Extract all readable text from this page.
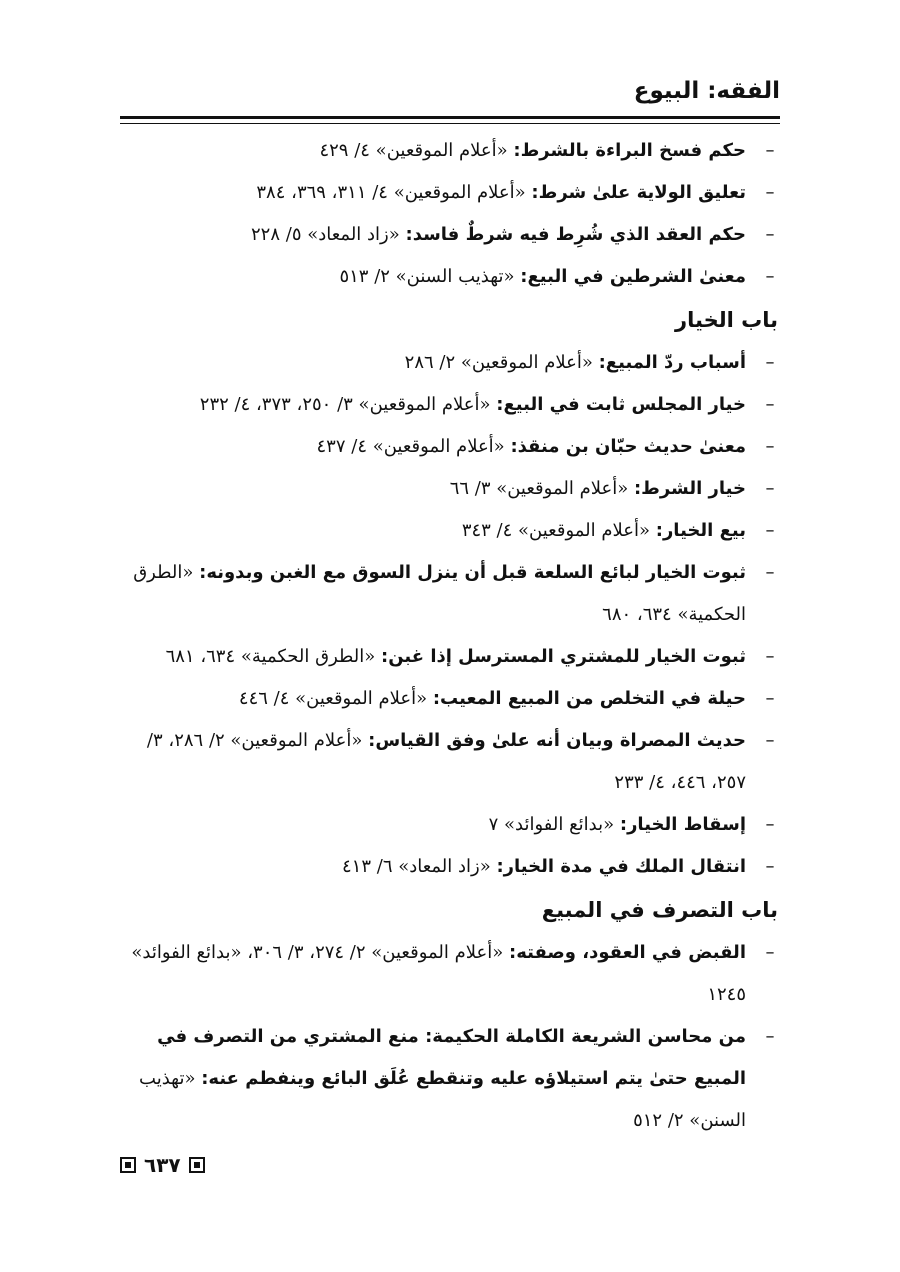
الفقه: البيوع
–
حكم فسخ البراءة بالشرط: «أعلام الموقعين» ٤/ ٤٢٩
–
تعليق الولاية علىٰ شرط: «أعلام الموقعين» ٤/ ٣١١، ٣٦٩، ٣٨٤
–
حكم العقد الذي شُرِط فيه شرطٌ فاسد: «زاد المعاد» ٥/ ٢٢٨
–
معنىٰ الشرطين في البيع: «تهذيب السنن» ٢/ ٥١٣
باب الخيار
–
أسباب ردّ المبيع: «أعلام الموقعين» ٢/ ٢٨٦
–
خيار المجلس ثابت في البيع: «أعلام الموقعين» ٣/ ٢٥٠، ٣٧٣، ٤/ ٢٣٢
–
معنىٰ حديث حبّان بن منقذ: «أعلام الموقعين» ٤/ ٤٣٧
–
خيار الشرط: «أعلام الموقعين» ٣/ ٦٦
–
بيع الخيار: «أعلام الموقعين» ٤/ ٣٤٣
–
ثبوت الخيار لبائع السلعة قبل أن ينزل السوق مع الغبن وبدونه: «الطرق الحكمية» ٦٣٤، ٦٨٠
–
ثبوت الخيار للمشتري المسترسل إذا غبن: «الطرق الحكمية» ٦٣٤، ٦٨١
–
حيلة في التخلص من المبيع المعيب: «أعلام الموقعين» ٤/ ٤٤٦
–
حديث المصراة وبيان أنه علىٰ وفق القياس: «أعلام الموقعين» ٢/ ٢٨٦، ٣/ ٢٥٧، ٤٤٦، ٤/ ٢٣٣
–
إسقاط الخيار: «بدائع الفوائد» ٧
–
انتقال الملك في مدة الخيار: «زاد المعاد» ٦/ ٤١٣
باب التصرف في المبيع
–
القبض في العقود، وصفته: «أعلام الموقعين» ٢/ ٢٧٤، ٣/ ٣٠٦، «بدائع الفوائد» ١٢٤٥
–
من محاسن الشريعة الكاملة الحكيمة: منع المشتري من التصرف في المبيع حتىٰ يتم استيلاؤه عليه وتنقطع عُلَق البائع وينفطم عنه: «تهذيب السنن» ٢/ ٥١٢
٦٣٧
